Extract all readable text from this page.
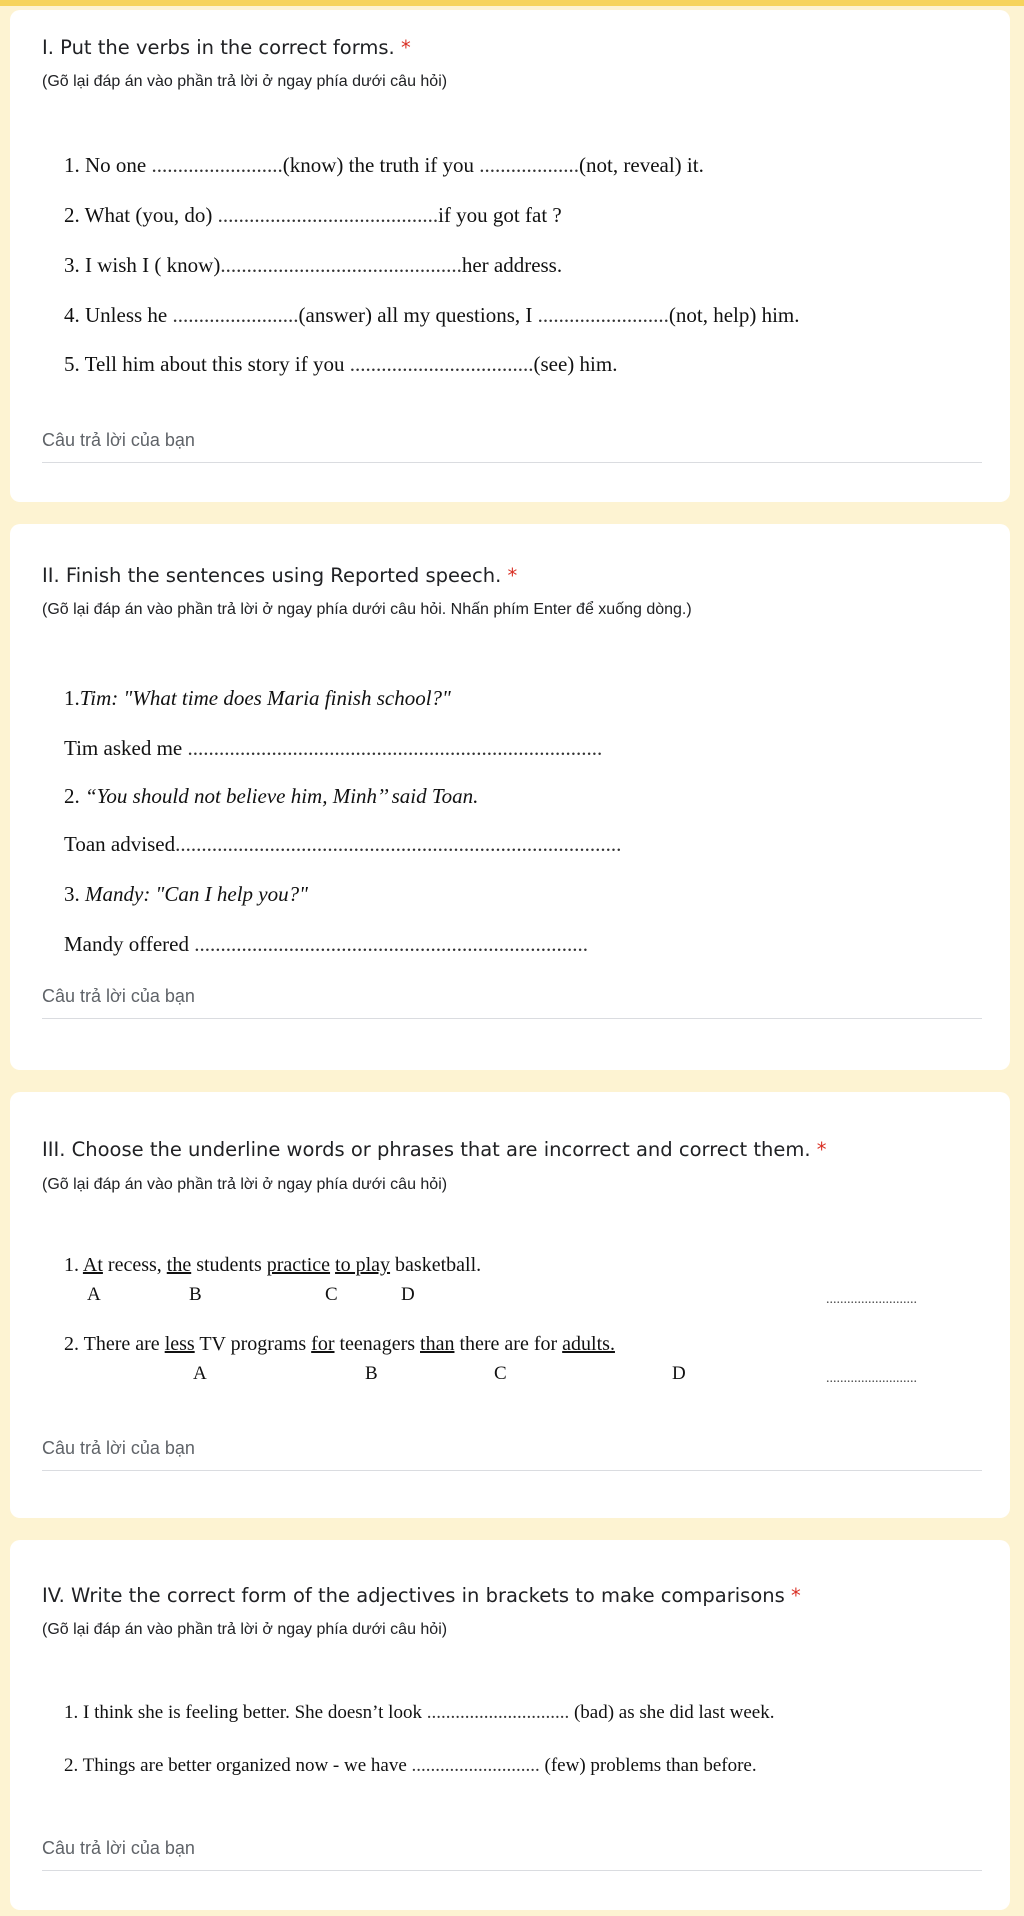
I. Put the verbs in the correct forms. *

(Gõ lại đáp án vào phần trả lời ở ngay phía dưới câu hỏi)

1. No one .........................(know) the truth if you ...................(not, reveal) it.

2. What (you, do) ..........................................if you got fat ?

3. I wish I ( know)..............................................her address.

4. Unless he ........................(answer) all my questions, I .........................(not, help) him.

5. Tell him about this story if you ...................................(see) him.

Câu trả lời của bạn

II. Finish the sentences using Reported speech. *

(Gõ lại đáp án vào phần trả lời ở ngay phía dưới câu hỏi. Nhấn phím Enter để xuống dòng.)

1.Tim: "What time does Maria finish school?"

Tim asked me ...............................................................................

2. “You should not believe him, Minh’’ said Toan.

Toan advised.....................................................................................

3. Mandy: "Can I help you?"

Mandy offered ...........................................................................

Câu trả lời của bạn

III. Choose the underline words or phrases that are incorrect and correct them. *

(Gõ lại đáp án vào phần trả lời ở ngay phía dưới câu hỏi)

1. At recess, the students practice to play basketball.

A	B	C	D	..........................

2. There are less TV programs for teenagers than there are for adults.

A	B	C	D	..........................

Câu trả lời của bạn

IV. Write the correct form of the adjectives in brackets to make comparisons *

(Gõ lại đáp án vào phần trả lời ở ngay phía dưới câu hỏi)

1. I think she is feeling better. She doesn’t look .............................. (bad) as she did last week.

2. Things are better organized now - we have ........................... (few) problems than before.

Câu trả lời của bạn
